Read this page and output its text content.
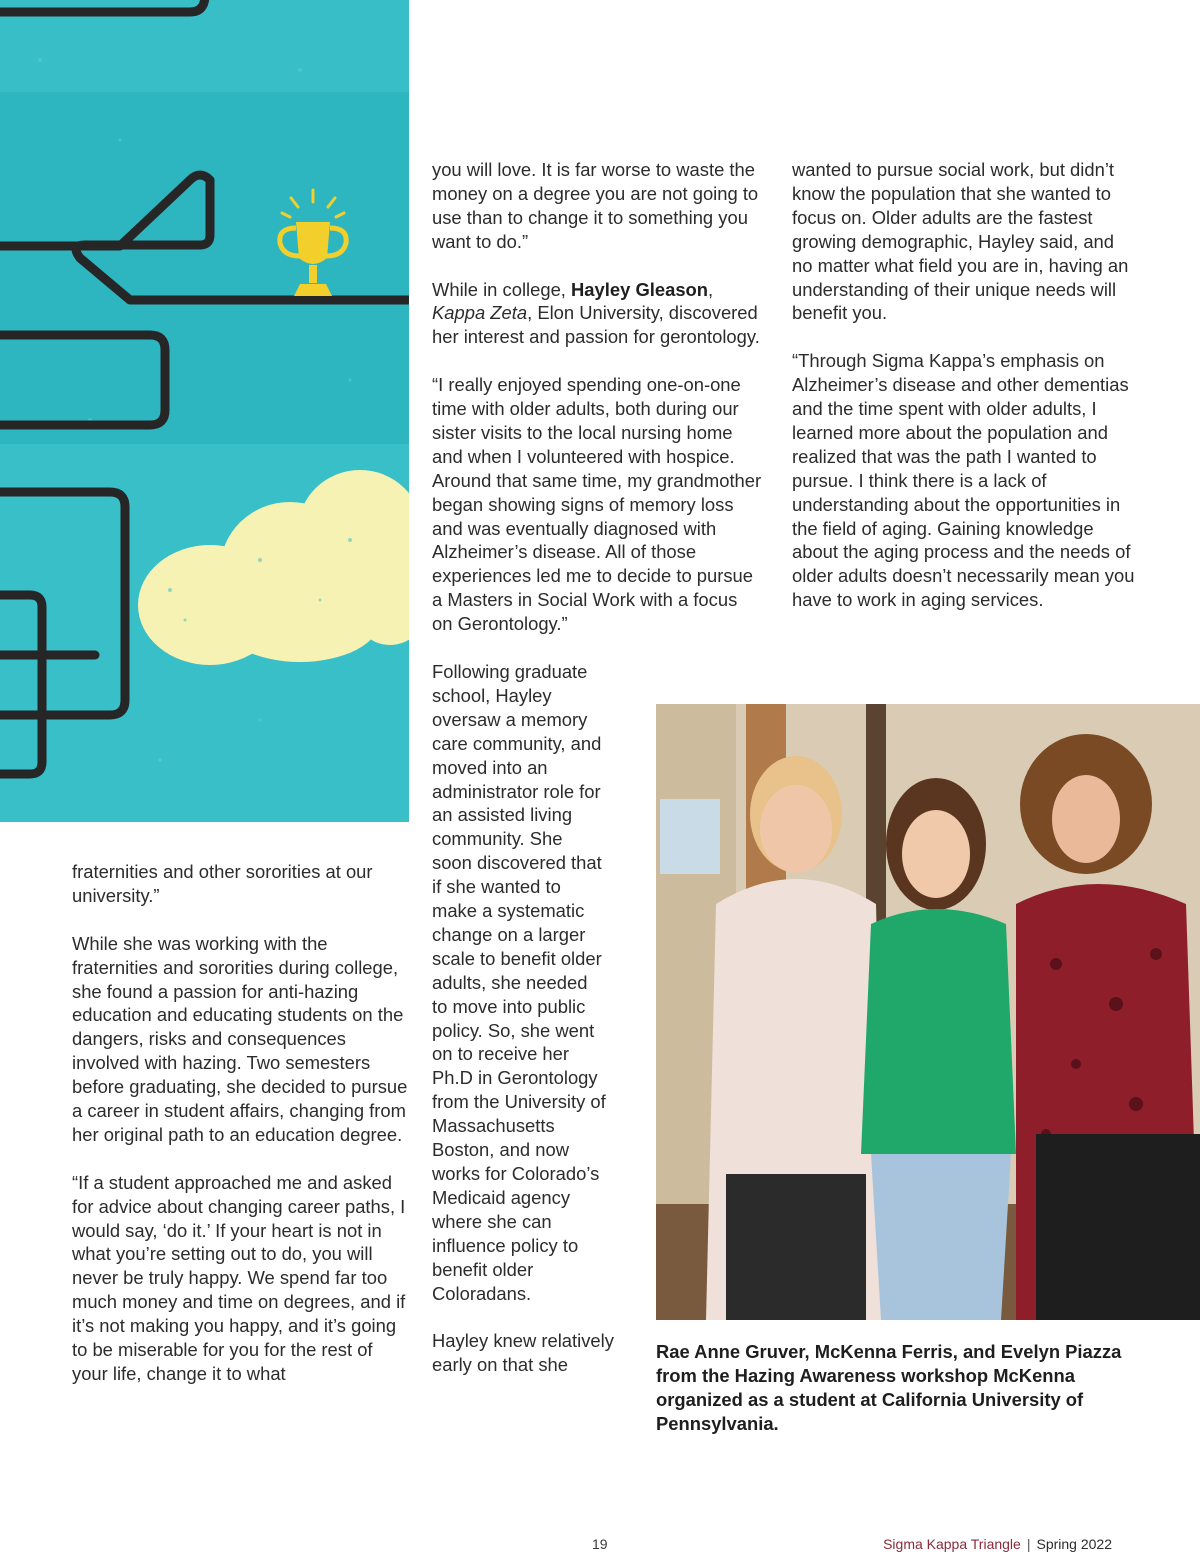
fraternities and other sororities at our university.”

While she was working with the fraternities and sororities during college, she found a passion for anti-hazing education and educating students on the dangers, risks and consequences involved with hazing. Two semesters before graduating, she decided to pursue a career in student affairs, changing from her original path to an education degree.

“If a student approached me and asked for advice about changing career paths, I would say, ‘do it.’ If your heart is not in what you’re setting out to do, you will never be truly happy. We spend far too much money and time on degrees, and if it’s not making you happy, and it’s going to be miserable for you for the rest of your life, change it to what

you will love. It is far worse to waste the money on a degree you are not going to use than to change it to something you want to do.”

While in college, Hayley Gleason, Kappa Zeta, Elon University, discovered her interest and passion for gerontology.

“I really enjoyed spending one-on-one time with older adults, both during our sister visits to the local nursing home and when I volunteered with hospice. Around that same time, my grandmother began showing signs of memory loss and was eventually diagnosed with Alzheimer’s disease. All of those experiences led me to decide to pursue a Masters in Social Work with a focus on Gerontology.”

Following graduate school, Hayley oversaw a memory care community, and moved into an administrator role for an assisted living community. She soon discovered that if she wanted to make a systematic change on a larger scale to benefit older adults, she needed to move into public policy. So, she went on to receive her Ph.D in Gerontology from the University of Massachusetts Boston, and now works for Colorado’s Medicaid agency where she can influence policy to benefit older Coloradans.

Hayley knew relatively early on that she

wanted to pursue social work, but didn’t know the population that she wanted to focus on. Older adults are the fastest growing demographic, Hayley said, and no matter what field you are in, having an understanding of their unique needs will benefit you.

“Through Sigma Kappa’s emphasis on Alzheimer’s disease and other dementias and the time spent with older adults, I learned more about the population and realized that was the path I wanted to pursue. I think there is a lack of understanding about the opportunities in the field of aging. Gaining knowledge about the aging process and the needs of older adults doesn’t necessarily mean you have to work in aging services.

Rae Anne Gruver, McKenna Ferris, and Evelyn Piazza from the Hazing Awareness workshop McKenna organized as a student at California University of Pennsylvania.
19	Sigma Kappa Triangle | Spring 2022
